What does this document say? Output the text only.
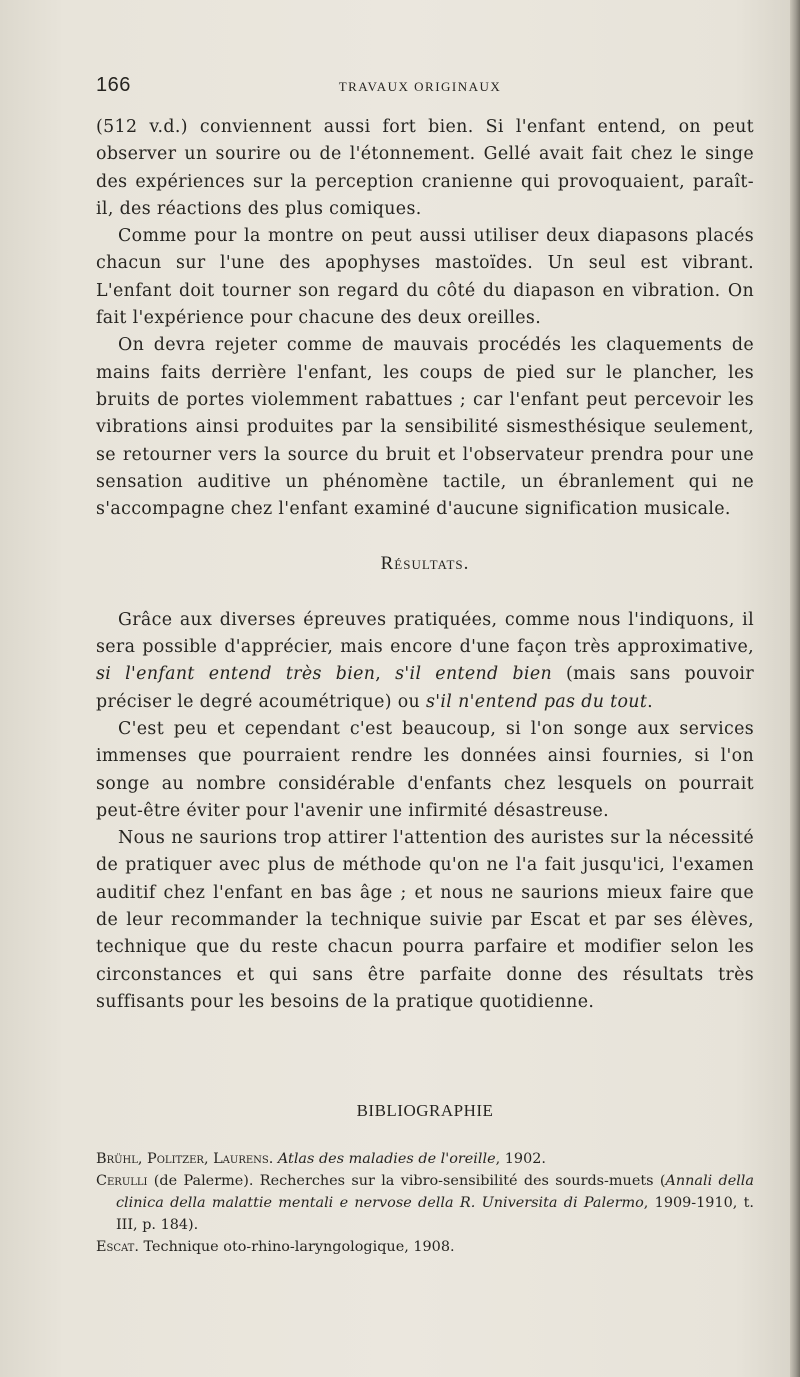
166	TRAVAUX ORIGINAUX

(512 v.d.) conviennent aussi fort bien. Si l'enfant entend, on peut observer un sourire ou de l'étonnement. Gellé avait fait chez le singe des expériences sur la perception cranienne qui provoquaient, paraît-il, des réactions des plus comiques.

Comme pour la montre on peut aussi utiliser deux diapasons placés chacun sur l'une des apophyses mastoïdes. Un seul est vibrant. L'enfant doit tourner son regard du côté du diapason en vibration. On fait l'expérience pour chacune des deux oreilles.

On devra rejeter comme de mauvais procédés les claquements de mains faits derrière l'enfant, les coups de pied sur le plancher, les bruits de portes violemment rabattues ; car l'enfant peut percevoir les vibrations ainsi produites par la sensibilité sismesthésique seulement, se retourner vers la source du bruit et l'observateur prendra pour une sensation auditive un phénomène tactile, un ébranlement qui ne s'accompagne chez l'enfant examiné d'aucune signification musicale.

Résultats.

Grâce aux diverses épreuves pratiquées, comme nous l'indiquons, il sera possible d'apprécier, mais encore d'une façon très approximative, si l'enfant entend très bien, s'il entend bien (mais sans pouvoir préciser le degré acoumétrique) ou s'il n'entend pas du tout.

C'est peu et cependant c'est beaucoup, si l'on songe aux services immenses que pourraient rendre les données ainsi fournies, si l'on songe au nombre considérable d'enfants chez lesquels on pourrait peut-être éviter pour l'avenir une infirmité désastreuse.

Nous ne saurions trop attirer l'attention des auristes sur la nécessité de pratiquer avec plus de méthode qu'on ne l'a fait jusqu'ici, l'examen auditif chez l'enfant en bas âge ; et nous ne saurions mieux faire que de leur recommander la technique suivie par Escat et par ses élèves, technique que du reste chacun pourra parfaire et modifier selon les circonstances et qui sans être parfaite donne des résultats très suffisants pour les besoins de la pratique quotidienne.

BIBLIOGRAPHIE

Brühl, Politzer, Laurens. Atlas des maladies de l'oreille, 1902.

Cerulli (de Palerme). Recherches sur la vibro-sensibilité des sourds-muets (Annali della clinica della malattie mentali e nervose della R. Universita di Palermo, 1909-1910, t. III, p. 184).

Escat. Technique oto-rhino-laryngologique, 1908.
